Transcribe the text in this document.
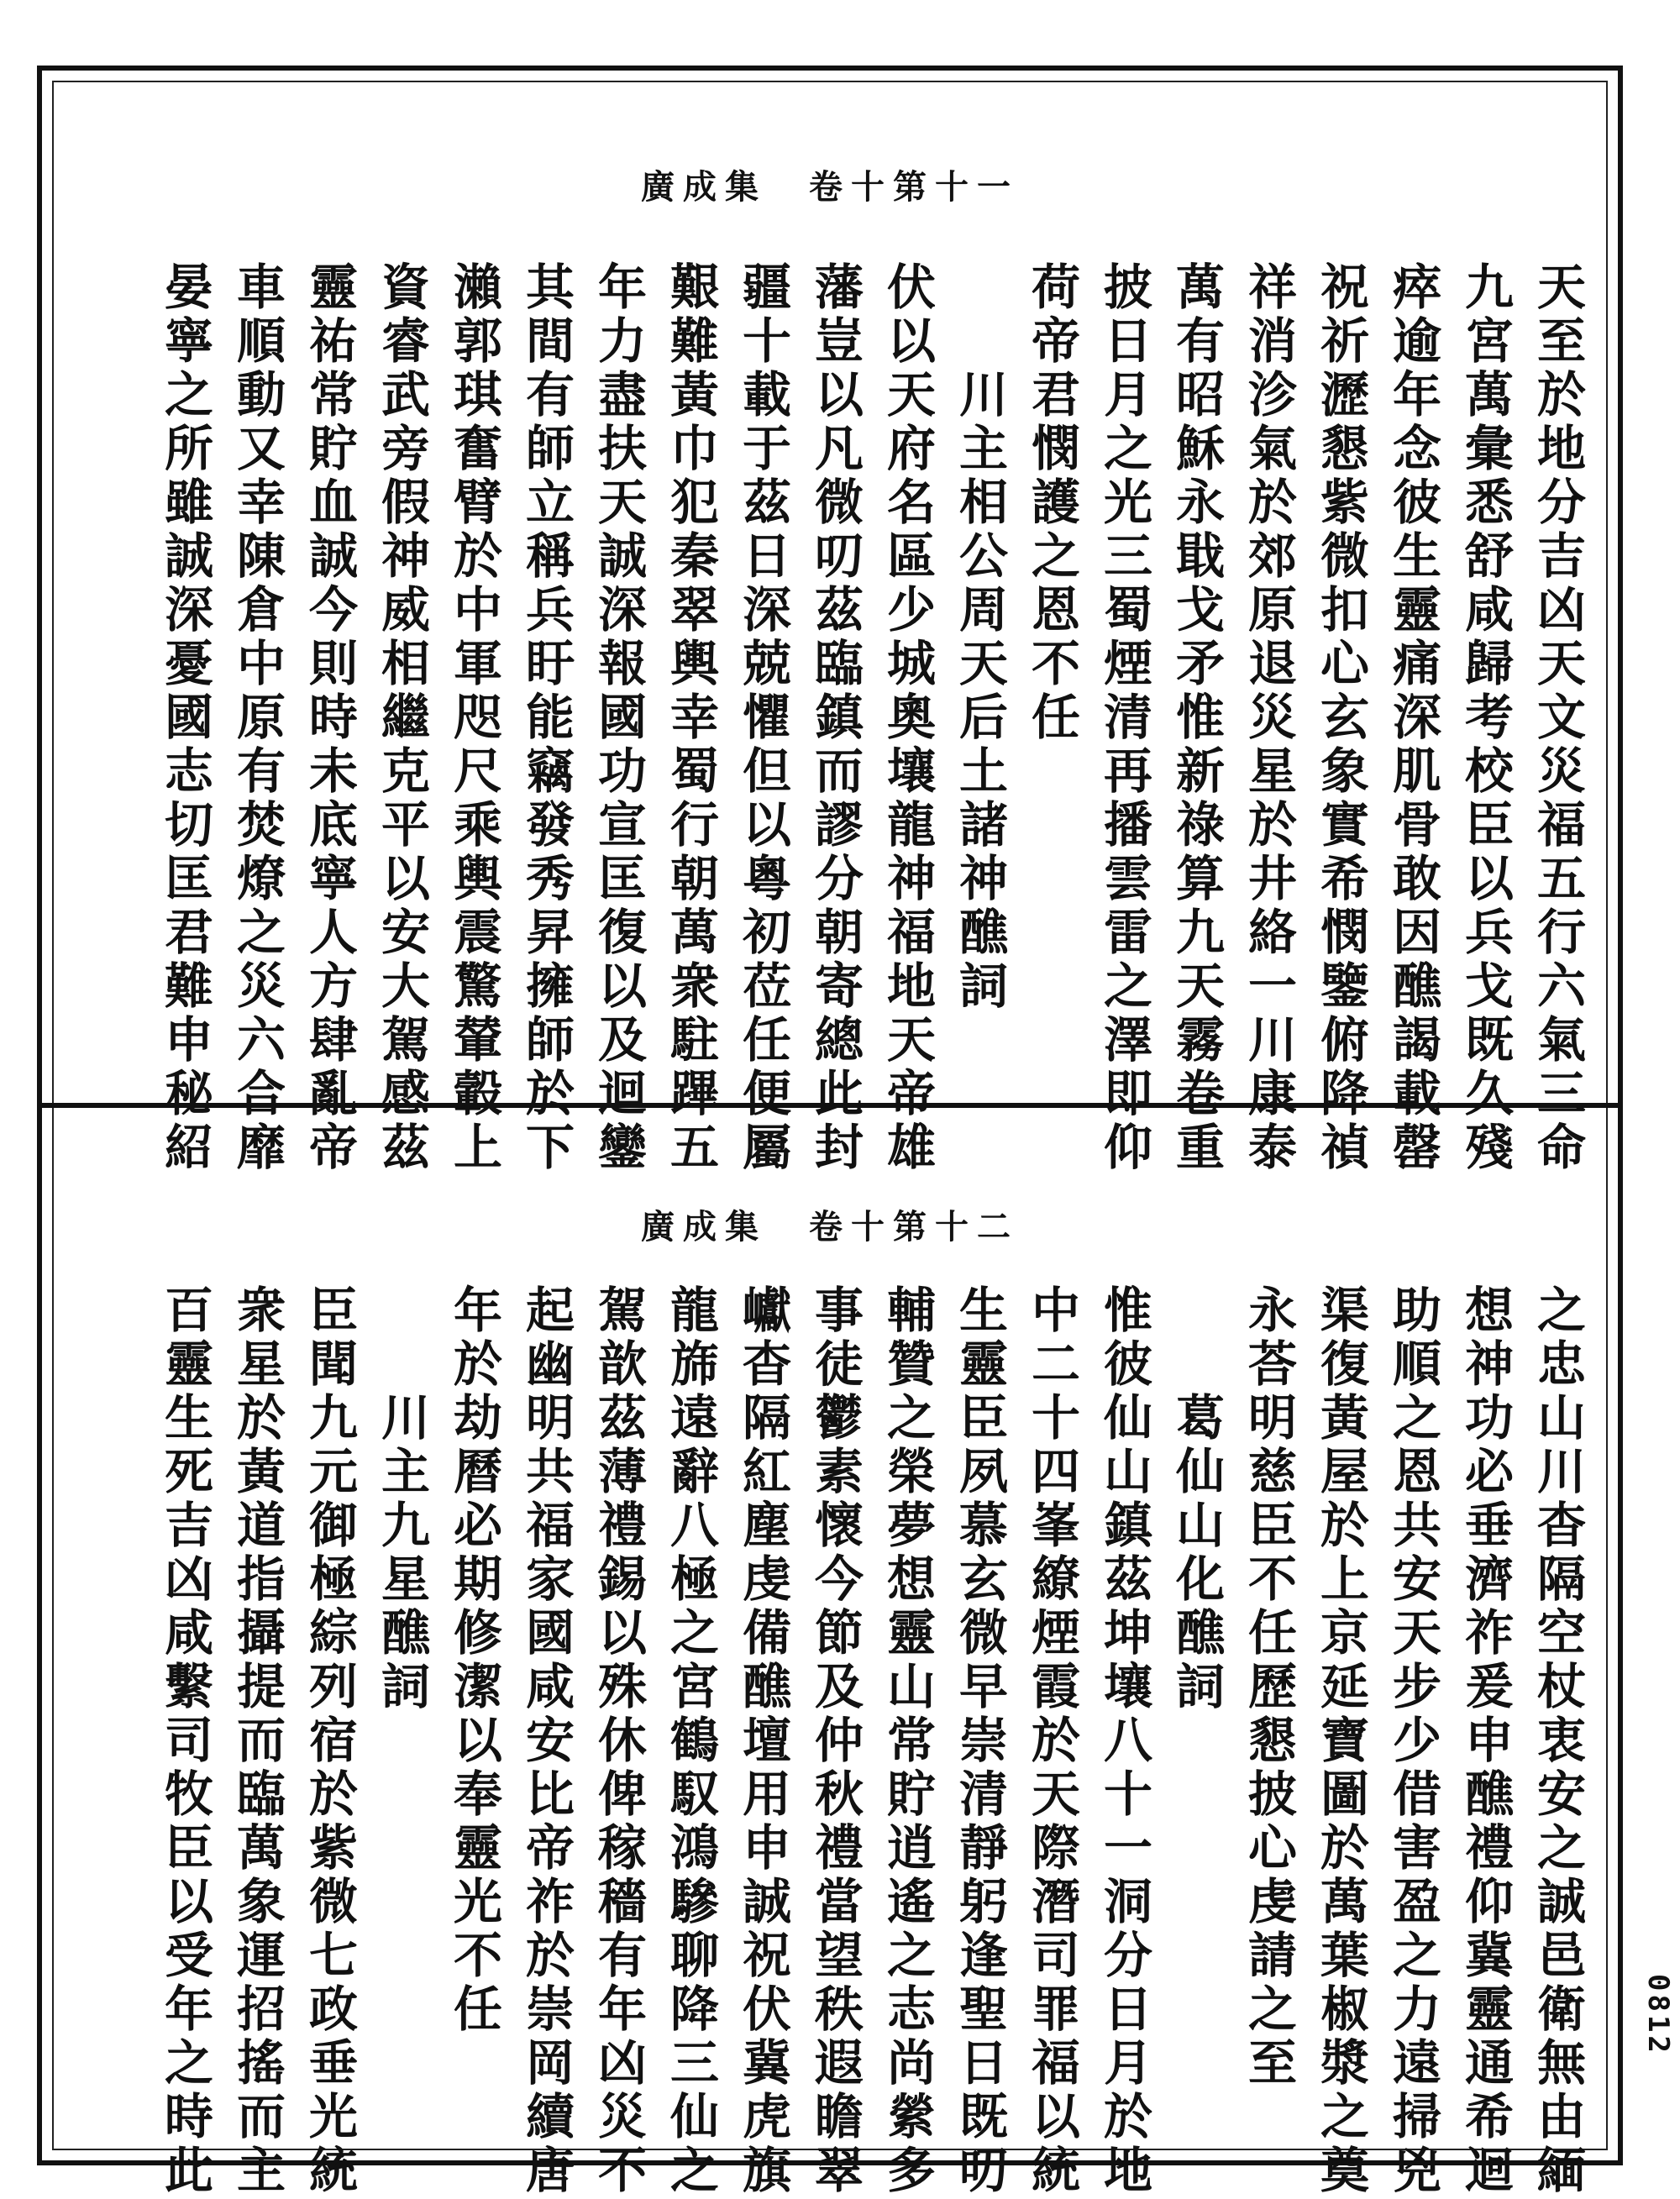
廣成集　卷十第十一
天至於地分吉凶天文災福五行六氣三命
九宮萬彙悉舒咸歸考校臣以兵戈既久殘
瘁逾年念彼生靈痛深肌骨敢因醮謁載罄
祝祈瀝懇紫微扣心玄象實希憫鑒俯降禎
祥消沴氣於郊原退災星於井絡一川康泰
萬有昭穌永戢戈矛惟新祿算九天霧卷重
披日月之光三蜀煙清再播雲雷之澤即仰
荷帝君憫護之恩不任
川主相公周天后土諸神醮詞
伏以天府名區少城奧壤龍神福地天帝雄
藩豈以凡微叨茲臨鎮而謬分朝寄總此封
疆十載于茲日深兢懼但以粵初莅任便屬
艱難黃巾犯秦翠輿幸蜀行朝萬衆駐蹕五
年力盡扶天誠深報國功宣匡復以及迴鑾
其間有師立稱兵盱能竊發秀昇擁師於下
瀨郭琪奮臂於中軍咫尺乘輿震驚輦轂上
資睿武旁假神威相繼克平以安大駕感茲
靈祐常貯血誠今則時未底寧人方肆亂帝
車順動又幸陳倉中原有焚燎之災六合靡
晏寧之所雖誠深憂國志切匡君難申秘紹
廣成集　卷十第十二
之忠山川杳隔空杖衷安之誠邑衛無由緬
想神功必垂濟祚爰申醮禮仰冀靈通希迴
助順之恩共安天步少借害盈之力遠掃兇
渠復黃屋於上京延寶圖於萬葉椒漿之奠
永荅明慈臣不任歷懇披心虔請之至
葛仙山化醮詞
惟彼仙山鎮茲坤壤八十一洞分日月於地
中二十四峯繚煙霞於天際潛司罪福以統
生靈臣夙慕玄微早崇清靜躬逢聖日既叨
輔贊之榮夢想靈山常貯逍遙之志尚縈多
事徒鬱素懷今節及仲秋禮當望秩遐瞻翠
巘杳隔紅塵虔備醮壇用申誠祝伏冀虎旗
龍旆遠辭八極之宮鶴馭鴻驂聊降三仙之
駕歆茲薄禮錫以殊休俾稼穡有年凶災不
起幽明共福家國咸安比帝祚於崇岡續唐
年於劫曆必期修潔以奉靈光不任
川主九星醮詞
臣聞九元御極綜列宿於紫微七政垂光統
衆星於黃道指攝提而臨萬象運招搖而主
百靈生死吉凶咸繫司牧臣以受年之時此	0812
